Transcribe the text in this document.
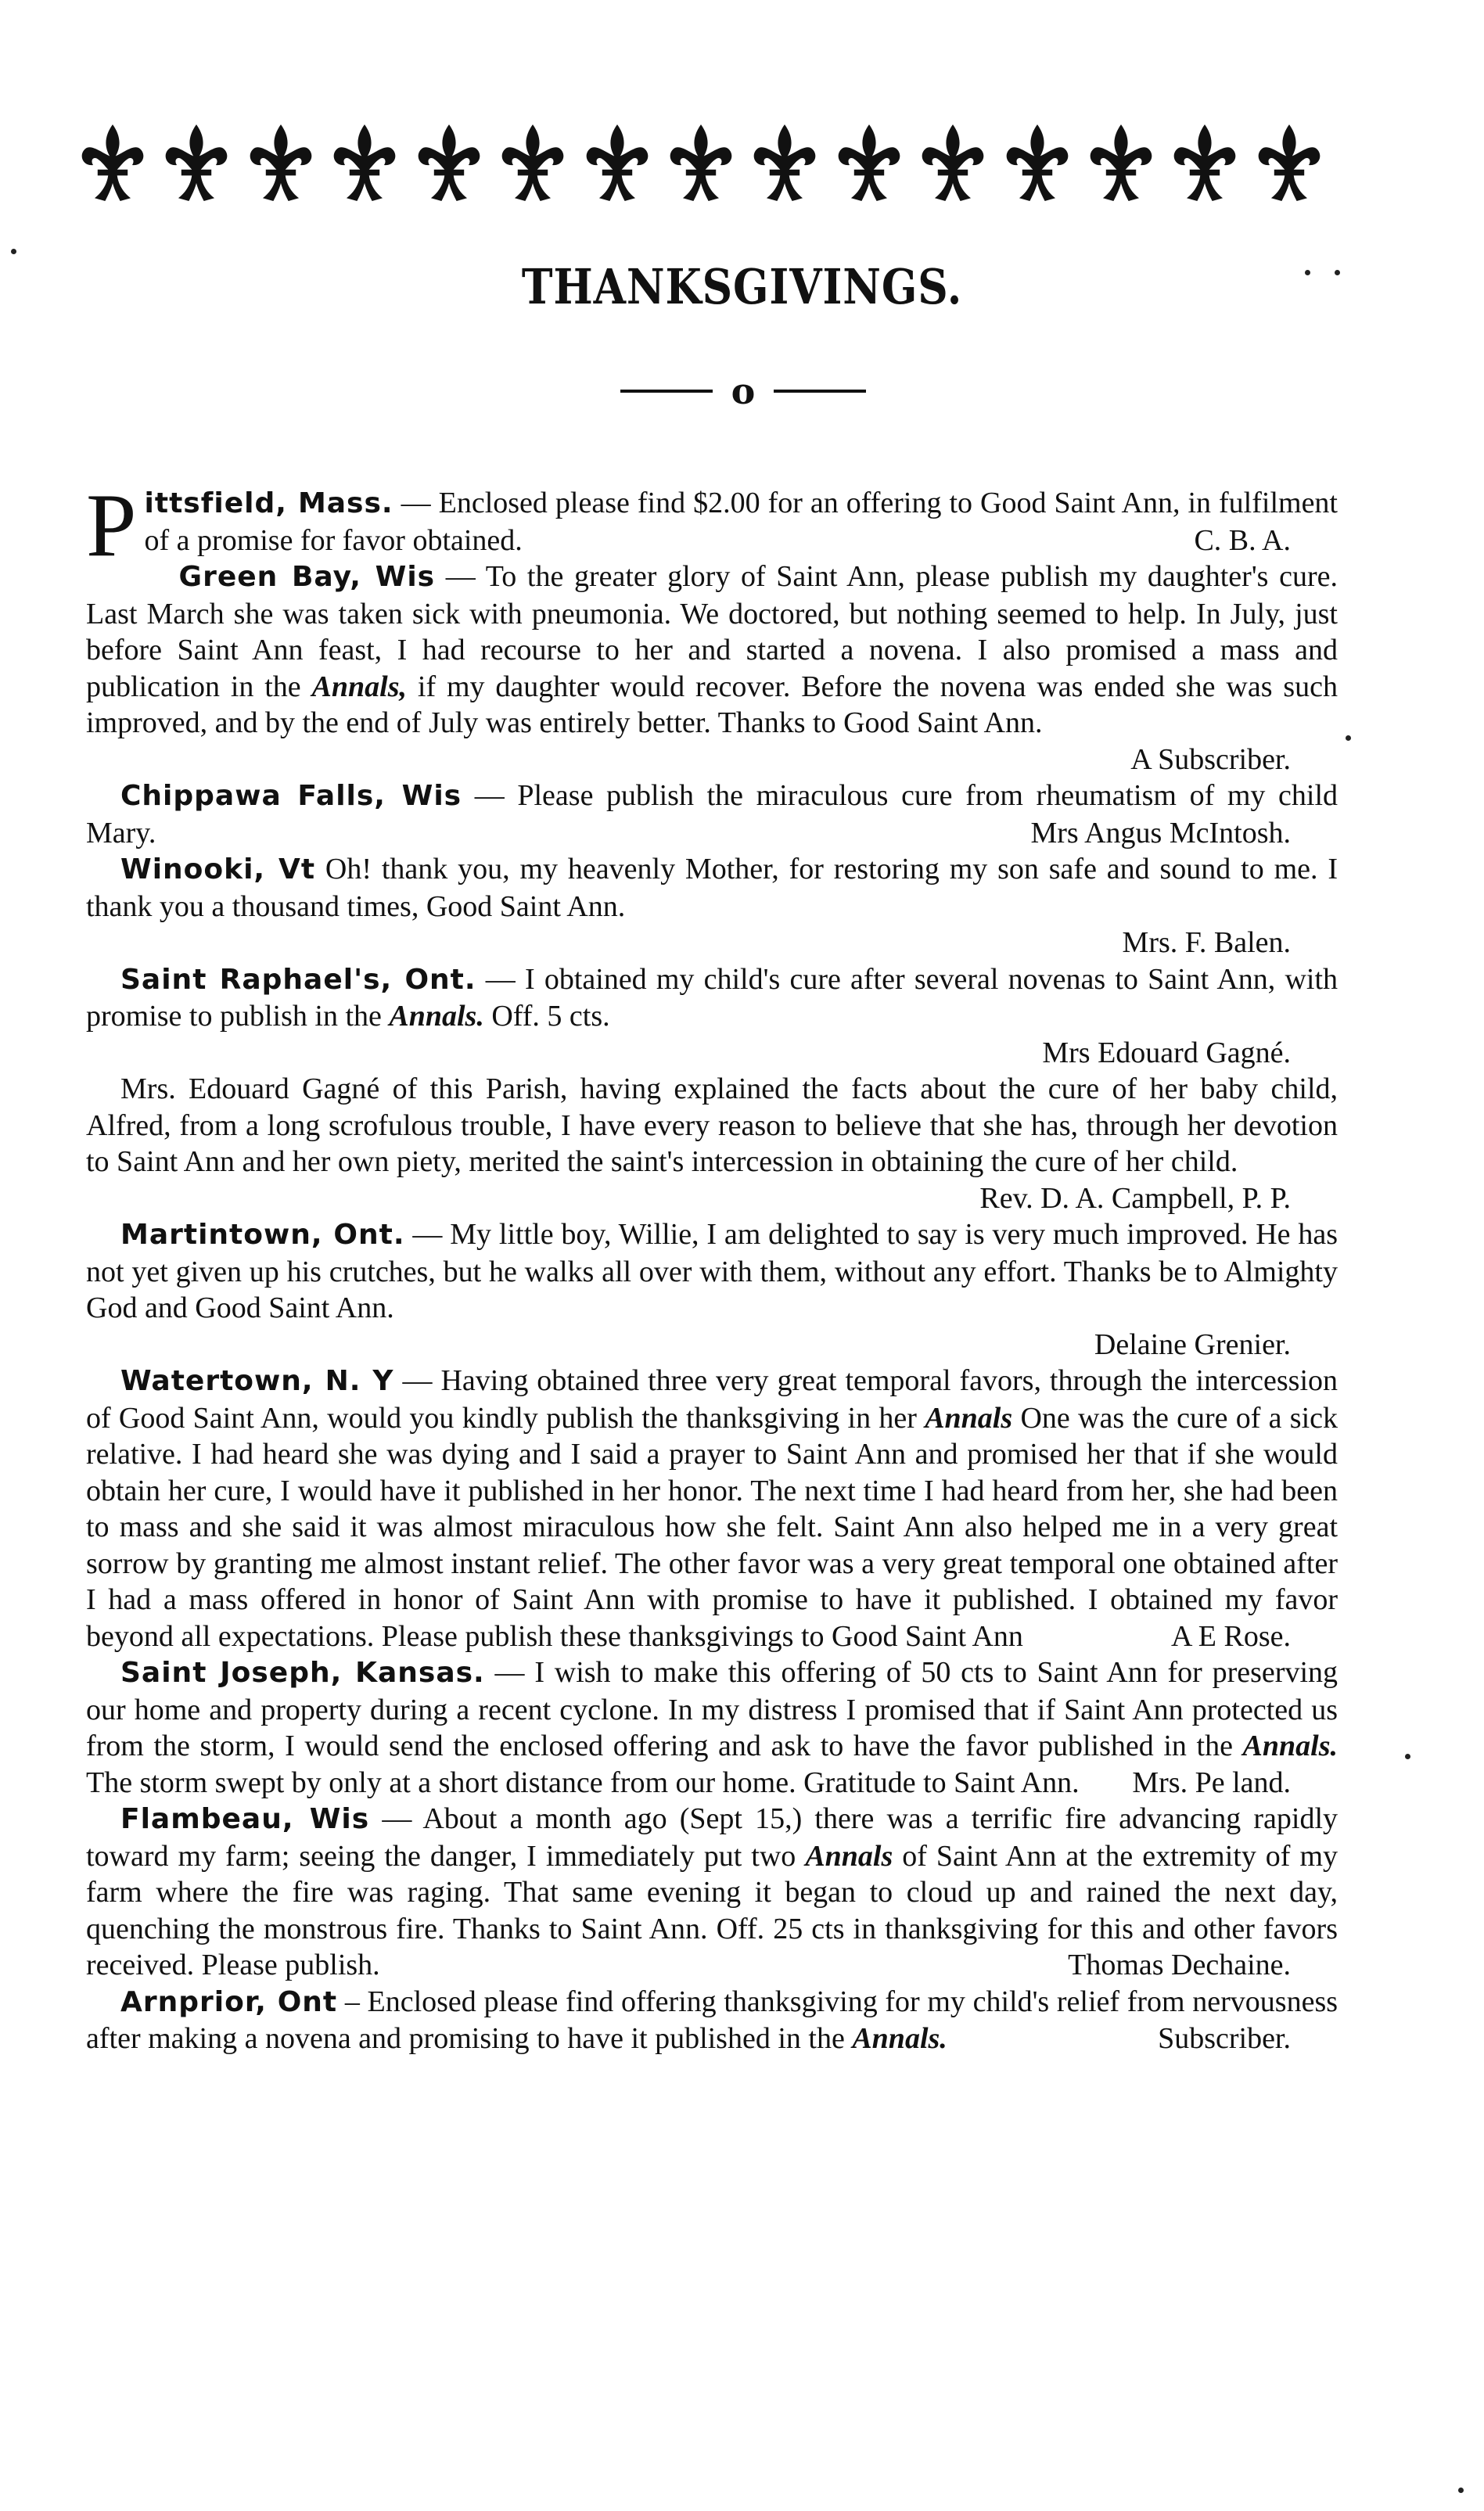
THANKSGIVINGS.
o

P ittsfield, Mass. — Enclosed please find $2.00 for an offering to Good Saint Ann, in fulfilment of a promise for favor obtained.	C. B. A.

Green Bay, Wis — To the greater glory of Saint Ann, please publish my daughter's cure. Last March she was taken sick with pneumonia. We doctored, but nothing seemed to help. In July, just before Saint Ann feast, I had recourse to her and started a novena. I also promised a mass and publication in the Annals, if my daughter would recover. Before the novena was ended she was such improved, and by the end of July was entirely better. Thanks to Good Saint Ann.
A Subscriber.

Chippawa Falls, Wis — Please publish the miraculous cure from rheumatism of my child Mary.	Mrs Angus McIntosh.

Winooki, Vt Oh! thank you, my heavenly Mother, for restoring my son safe and sound to me. I thank you a thousand times, Good Saint Ann.
Mrs. F. Balen.

Saint Raphael's, Ont. — I obtained my child's cure after several novenas to Saint Ann, with promise to publish in the Annals. Off. 5 cts.
Mrs Edouard Gagné.

Mrs. Edouard Gagné of this Parish, having explained the facts about the cure of her baby child, Alfred, from a long scrofulous trouble, I have every reason to believe that she has, through her devotion to Saint Ann and her own piety, merited the saint's intercession in obtaining the cure of her child.
Rev. D. A. Campbell, P. P.

Martintown, Ont. — My little boy, Willie, I am delighted to say is very much improved. He has not yet given up his crutches, but he walks all over with them, without any effort. Thanks be to Almighty God and Good Saint Ann.
Delaine Grenier.

Watertown, N. Y — Having obtained three very great temporal favors, through the intercession of Good Saint Ann, would you kindly publish the thanksgiving in her Annals One was the cure of a sick relative. I had heard she was dying and I said a prayer to Saint Ann and promised her that if she would obtain her cure, I would have it published in her honor. The next time I had heard from her, she had been to mass and she said it was almost miraculous how she felt. Saint Ann also helped me in a very great sorrow by granting me almost instant relief. The other favor was a very great temporal one obtained after I had a mass offered in honor of Saint Ann with promise to have it published. I obtained my favor beyond all expectations. Please publish these thanksgivings to Good Saint Ann	A E Rose.

Saint Joseph, Kansas. — I wish to make this offering of 50 cts to Saint Ann for preserving our home and property during a recent cyclone. In my distress I promised that if Saint Ann protected us from the storm, I would send the enclosed offering and ask to have the favor published in the Annals. The storm swept by only at a short distance from our home. Gratitude to Saint Ann. Mrs. Pe land.

Flambeau, Wis — About a month ago (Sept 15,) there was a terrific fire advancing rapidly toward my farm; seeing the danger, I immediately put two Annals of Saint Ann at the extremity of my farm where the fire was raging. That same evening it began to cloud up and rained the next day, quenching the monstrous fire. Thanks to Saint Ann. Off. 25 cts in thanksgiving for this and other favors received. Please publish.	Thomas Dechaine.

Arnprior, Ont – Enclosed please find offering thanksgiving for my child's relief from nervousness after making a novena and promising to have it published in the Annals.	Subscriber.
